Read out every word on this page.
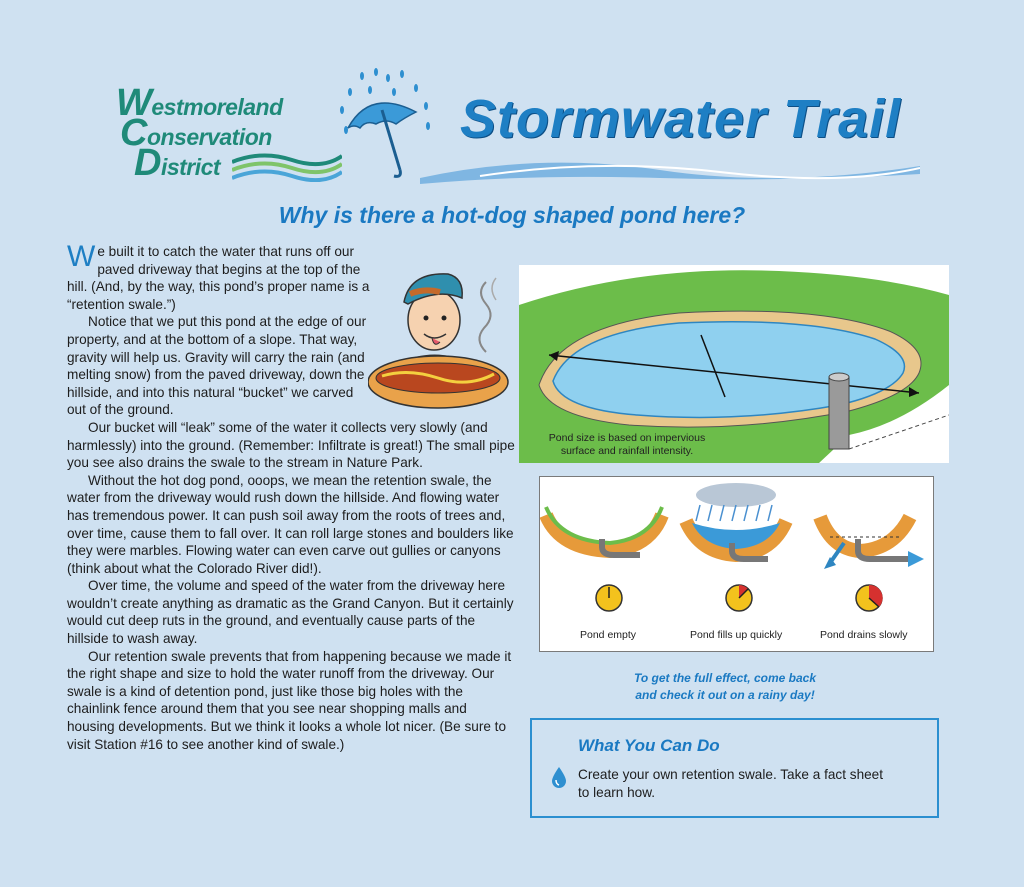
Westmoreland
Conservation
District
Stormwater Trail
Why is there a hot-dog shaped pond here?

We built it to catch the water that runs off our paved driveway that begins at the top of the hill. (And, by the way, this pond’s proper name is a “retention swale.”)

Notice that we put this pond at the edge of our property, and at the bottom of a slope. That way, gravity will help us. Gravity will carry the rain (and melting snow) from the paved driveway, down the hillside, and into this natural “bucket” we carved out of the ground.

Our bucket will “leak” some of the water it collects very slowly (and harmlessly) into the ground. (Remember: Infiltrate is great!) The small pipe you see also drains the swale to the stream in Nature Park.

Without the hot dog pond, ooops, we mean the retention swale, the water from the driveway would rush down the hillside. And flowing water has tremendous power. It can push soil away from the roots of trees and, over time, cause them to fall over. It can roll large stones and boulders like they were marbles. Flowing water can even carve out gullies or canyons (think about what the Colorado River did!).

Over time, the volume and speed of the water from the driveway here wouldn’t create anything as dramatic as the Grand Canyon. But it certainly would cut deep ruts in the ground, and eventually cause parts of the hillside to wash away.

Our retention swale prevents that from happening because we made it the right shape and size to hold the water runoff from the driveway. Our swale is a kind of detention pond, just like those big holes with the chainlink fence around them that you see near shopping malls and housing developments. But we think it looks a whole lot nicer. (Be sure to visit Station #16 to see another kind of swale.)

Pond size is based on impervious
surface and rainfall intensity.
Pond empty	Pond fills up quickly	Pond drains slowly
To get the full effect, come back
and check it out on a rainy day!
What You Can Do
Create your own retention swale. Take a fact sheet to learn how.
